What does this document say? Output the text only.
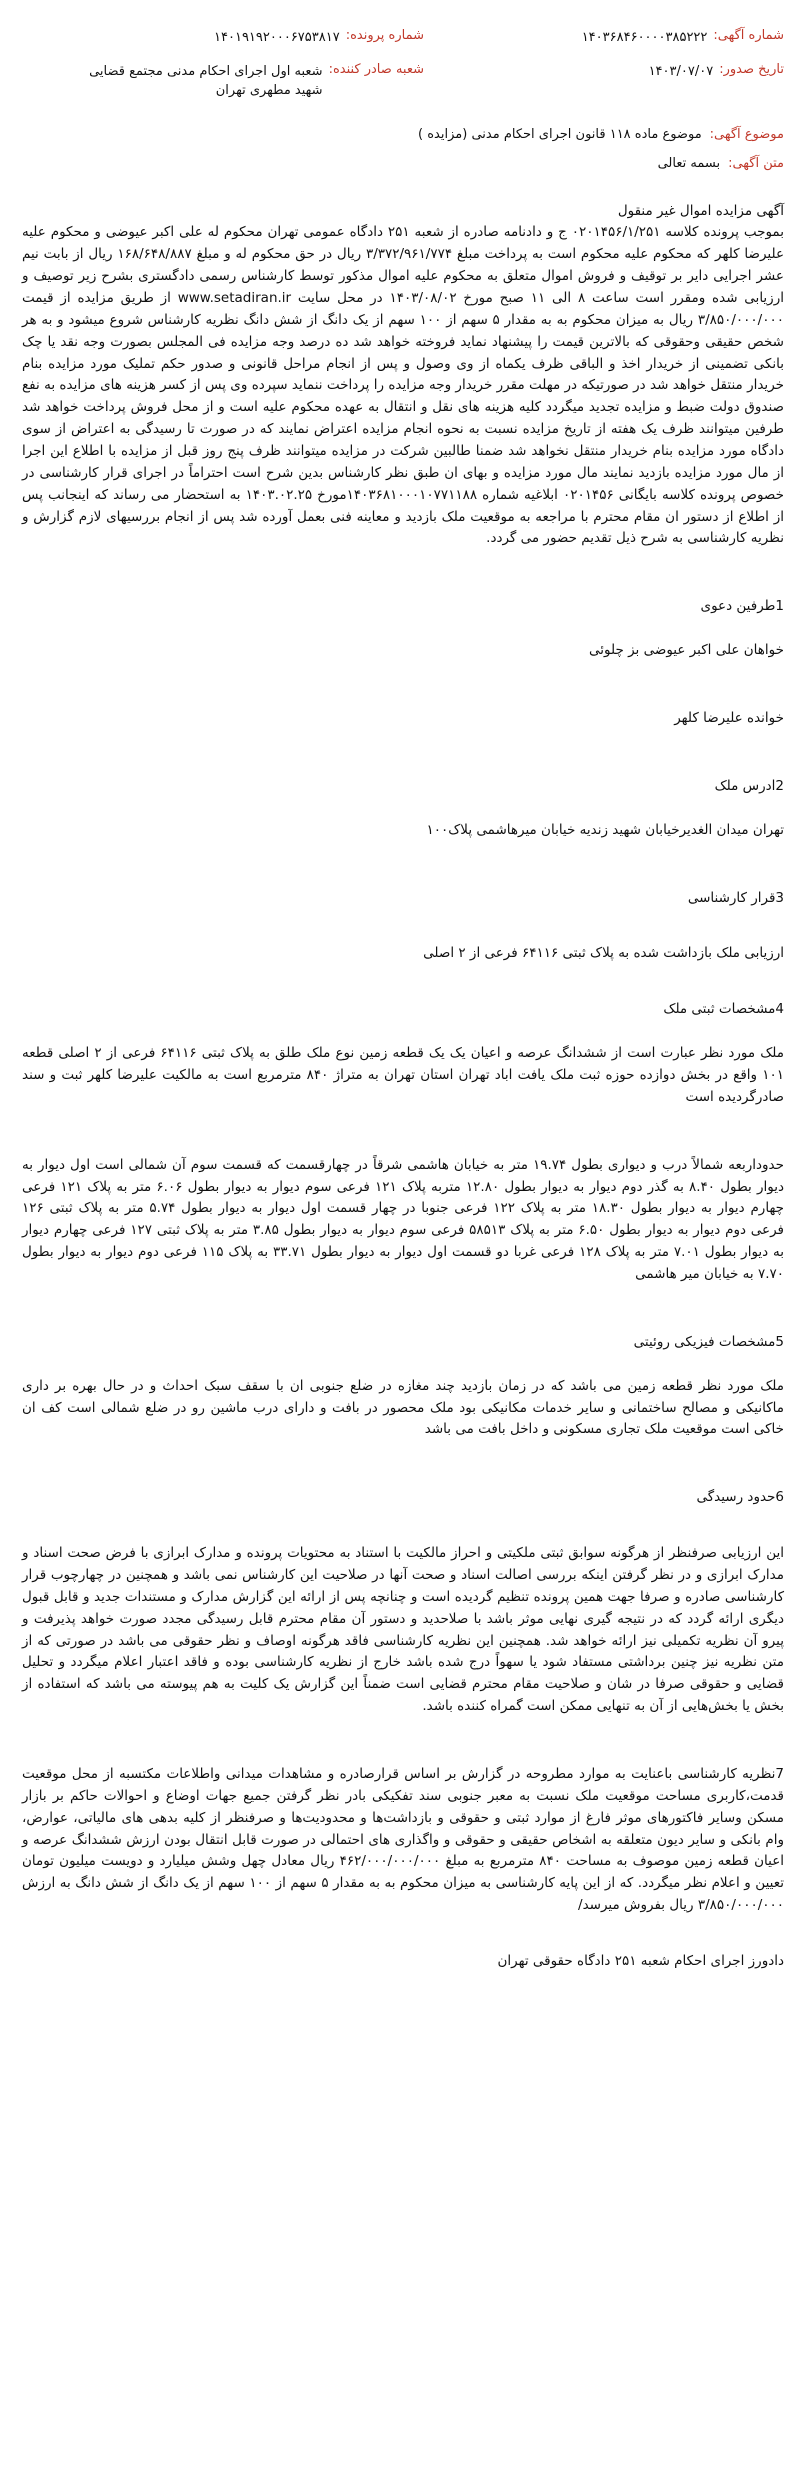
شماره آگهی:
۱۴۰۳۶۸۴۶۰۰۰۰۳۸۵۲۲۲
شماره پرونده:
۱۴۰۱۹۱۹۲۰۰۰۶۷۵۳۸۱۷
تاریخ صدور:
۱۴۰۳/۰۷/۰۷
شعبه صادر کننده:
شعبه اول اجرای احکام مدنی مجتمع قضایی شهید مطهری تهران
موضوع آگهی:
موضوع ماده ۱۱۸ قانون اجرای احکام مدنی (مزایده )
متن آگهی:
بسمه تعالی

آگهی مزایده اموال غیر منقول

بموجب پرونده کلاسه ۰۲۰۱۴۵۶/۱/۲۵۱ ج و دادنامه صادره از شعبه ۲۵۱ دادگاه عمومی تهران محکوم له علی اکبر عیوضی و محکوم علیه علیرضا کلهر که محکوم علیه محکوم است به پرداخت مبلغ ۳/۳۷۲/۹۶۱/۷۷۴ ریال در حق محکوم له و مبلغ ۱۶۸/۶۴۸/۸۸۷ ریال از بابت نیم عشر اجرایی دایر بر توقیف و فروش اموال متعلق به محکوم علیه اموال مذکور توسط کارشناس رسمی دادگستری بشرح زیر توصیف و ارزیابی شده ومقرر است ساعت ۸ الی ۱۱ صبح مورخ ۱۴۰۳/۰۸/۰۲ در محل سایت www.setadiran.ir از طریق مزایده از قیمت ۳/۸۵۰/۰۰۰/۰۰۰ ریال به میزان محکوم به به مقدار ۵ سهم از ۱۰۰ سهم از یک دانگ از شش دانگ نظریه کارشناس شروع میشود و به هر شخص حقیقی وحقوقی که بالاترین قیمت را پیشنهاد نماید فروخته خواهد شد ده درصد وجه مزایده فی المجلس بصورت وجه نقد یا چک بانکی تضمینی از خریدار اخذ و الباقی ظرف یکماه از وی وصول و پس از انجام مراحل قانونی و صدور حکم تملیک مورد مزایده بنام خریدار منتقل خواهد شد در صورتیکه در مهلت مقرر خریدار وجه مزایده را پرداخت ننماید سپرده وی پس از کسر هزینه های مزایده به نفع صندوق دولت ضبط و مزایده تجدید میگردد کلیه هزینه های نقل و انتقال به عهده محکوم علیه است و از محل فروش پرداخت خواهد شد طرفین میتوانند ظرف یک هفته از تاریخ مزایده نسبت به نحوه انجام مزایده اعتراض نمایند که در صورت تا رسیدگی به اعتراض از سوی دادگاه مورد مزایده بنام خریدار منتقل نخواهد شد ضمنا طالبین شرکت در مزایده میتوانند ظرف پنج روز قبل از مزایده با اطلاع این اجرا از مال مورد مزایده بازدید نمایند مال مورد مزایده و بهای ان طبق نظر کارشناس بدین شرح است احتراماً در اجرای قرار کارشناسی در خصوص پرونده کلاسه بایگانی ۰۲۰۱۴۵۶ ابلاغیه شماره ۱۴۰۳۶۸۱۰۰۰۱۰۷۷۱۱۸۸مورخ ۱۴۰۳.۰۲.۲۵ به استحضار می رساند که اینجانب پس از اطلاع از دستور ان مقام محترم با مراجعه به موقعیت ملک بازدید و معاینه فنی بعمل آورده شد پس از انجام بررسیهای لازم گزارش و نظریه کارشناسی به شرح ذیل تقدیم حضور می گردد.

1طرفین دعوی

خواهان علی اکبر عیوضی بز چلوئی

خوانده علیرضا کلهر

2ادرس ملک

تهران میدان الغدیرخیابان شهید زندیه خیابان میرهاشمی پلاک۱۰۰

3قرار کارشناسی

ارزیابی ملک بازداشت شده به پلاک ثبتی ۶۴۱۱۶ فرعی از ۲ اصلی

4مشخصات ثبتی ملک

ملک مورد نظر عبارت است از ششدانگ عرصه و اعیان یک یک قطعه زمین نوع ملک طلق به پلاک ثبتی ۶۴۱۱۶ فرعی از ۲ اصلی قطعه ۱۰۱ واقع در بخش دوازده حوزه ثبت ملک یافت اباد تهران استان تهران به متراژ ۸۴۰ مترمربع است به مالکیت علیرضا کلهر ثبت و سند صادرگردیده است

حدوداربعه شمالاً درب و دیواری بطول ۱۹.۷۴ متر به خیابان هاشمی شرقاً در چهارقسمت که قسمت سوم آن شمالی است اول دیوار به دیوار بطول ۸.۴۰ به گذر دوم دیوار به دیوار بطول ۱۲.۸۰ متربه پلاک ۱۲۱ فرعی سوم دیوار به دیوار بطول ۶.۰۶ متر به پلاک ۱۲۱ فرعی چهارم دیوار به دیوار بطول ۱۸.۳۰ متر به پلاک ۱۲۲ فرعی جنوبا در چهار قسمت اول دیوار به دیوار بطول ۵.۷۴ متر به پلاک ثبتی ۱۲۶ فرعی دوم دیوار به دیوار بطول ۶.۵۰ متر به پلاک ۵۸۵۱۳ فرعی سوم دیوار به دیوار بطول ۳.۸۵ متر به پلاک ثبتی ۱۲۷ فرعی چهارم دیوار به دیوار بطول ۷.۰۱ متر به پلاک ۱۲۸ فرعی غربا دو قسمت اول دیوار به دیوار بطول ۳۳.۷۱ به پلاک ۱۱۵ فرعی دوم دیوار به دیوار بطول ۷.۷۰ به خیابان میر هاشمی

5مشخصات فیزیکی روئیتی

ملک مورد نظر قطعه زمین می باشد که در زمان بازدید چند مغازه در ضلع جنوبی ان با سقف سبک احداث و در حال بهره بر داری ماکانیکی و مصالح ساختمانی و سایر خدمات مکانیکی بود ملک محصور در بافت و دارای درب ماشین رو در ضلع شمالی است کف ان خاکی است موقعیت ملک تجاری مسکونی و داخل بافت می باشد

6حدود رسیدگی

این ارزیابی صرفنظر از هرگونه سوابق ثبتی ملکیتی و احراز مالکیت با استناد به محتویات پرونده و مدارک ابرازی با فرض صحت اسناد و مدارک ابرازی و در نظر گرفتن اینکه بررسی اصالت اسناد و صحت آنها در صلاحیت این کارشناس نمی باشد و همچنین در چهارچوب قرار کارشناسی صادره و صرفا جهت همین پرونده تنظیم گردیده است و چنانچه پس از ارائه این گزارش مدارک و مستندات جدید و قابل قبول دیگری ارائه گردد که در نتیجه گیری نهایی موثر باشد با صلاحدید و دستور آن مقام محترم قابل رسیدگی مجدد صورت خواهد پذیرفت و پیرو آن نظریه تکمیلی نیز ارائه خواهد شد. همچنین این نظریه کارشناسی فاقد هرگونه اوصاف و نظر حقوقی می باشد در صورتی که از متن نظریه نیز چنین برداشتی مستفاد شود یا سهواً درج شده باشد خارج از نظریه کارشناسی بوده و فاقد اعتبار اعلام میگردد و تحلیل قضایی و حقوقی صرفا در شان و صلاحیت مقام محترم قضایی است ضمناً این گزارش یک کلیت به هم پیوسته می باشد که استفاده از بخش یا بخش‌هایی از آن به تنهایی ممکن است گمراه کننده باشد.

7نظریه کارشناسی باعنایت به موارد مطروحه در گزارش بر اساس قرارصادره و مشاهدات میدانی واطلاعات مکتسبه از محل موقعیت قدمت،کاربری مساحت موقعیت ملک نسبت به معبر جنوبی سند تفکیکی بادر نظر گرفتن جمیع جهات اوضاع و احوالات حاکم بر بازار مسکن وسایر فاکتورهای موثر فارغ از موارد ثبتی و حقوقی و بازداشت‌ها و محدودیت‌ها و صرفنظر از کلیه بدهی های مالیاتی، عوارض، وام بانکی و سایر دیون متعلقه به اشخاص حقیقی و حقوقی و واگذاری های احتمالی در صورت قابل انتقال بودن ارزش ششدانگ عرصه و اعیان قطعه زمین موصوف به مساحت ۸۴۰ مترمربع به مبلغ ۴۶۲/۰۰۰/۰۰۰/۰۰۰ ریال معادل چهل وشش میلیارد و دویست میلیون تومان تعیین و اعلام نظر میگردد. که از این پایه کارشناسی به میزان محکوم به به مقدار ۵ سهم از ۱۰۰ سهم از یک دانگ از شش دانگ به ارزش ۳/۸۵۰/۰۰۰/۰۰۰ ریال بفروش میرسد/

دادورز اجرای احکام شعبه ۲۵۱ دادگاه حقوقی تهران
